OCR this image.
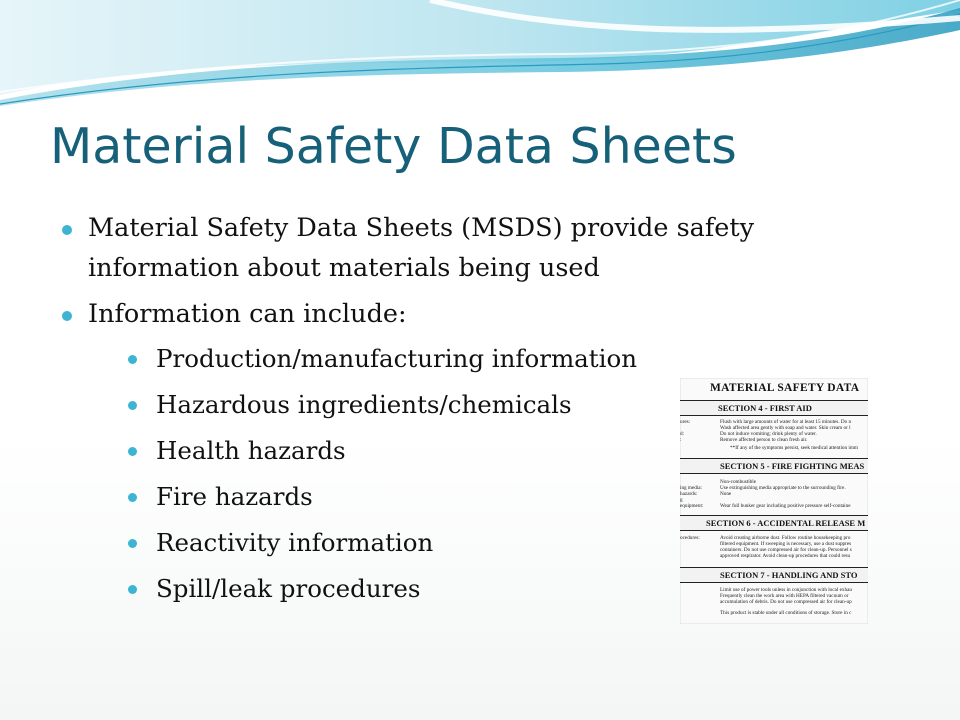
Material Safety Data Sheets
Material Safety Data Sheets (MSDS) provide safety information about materials being used
Information can include:
Production/manufacturing information
Hazardous ingredients/chemicals
Health hazards
Fire hazards
Reactivity information
Spill/leak procedures
MATERIAL SAFETY DATA
SECTION 4 - FIRST AID
ures:
d:
:
Flush with large amounts of water for at least 15 minutes. Do n
Wash affected area gently with soap and water. Skin cream or l
Do not induce vomiting; drink plenty of water.
Remove affected person to clean fresh air.
**If any of the symptoms persist, seek medical attention imm
SECTION 5 - FIRE FIGHTING MEAS
ing media:
hazards:
g
equipment:
Non-combustible
Use extinguishing media appropriate to the surrounding fire.
None
Wear full bunker gear including positive pressure self-containe
SECTION 6 - ACCIDENTAL RELEASE M
ocedures:	Avoid creating airborne dust. Follow routine housekeeping pro
filtered equipment. If sweeping is necessary, use a dust suppres
containers. Do not use compressed air for clean-up. Personnel s
approved respirator. Avoid clean-up procedures that could resu
SECTION 7 - HANDLING AND STO
Limit use of power tools unless in conjunction with local exhau
Frequently clean the work area with HEPA filtered vacuum or
accumulation of debris. Do not use compressed air for clean-up
This product is stable under all conditions of storage. Store in c
